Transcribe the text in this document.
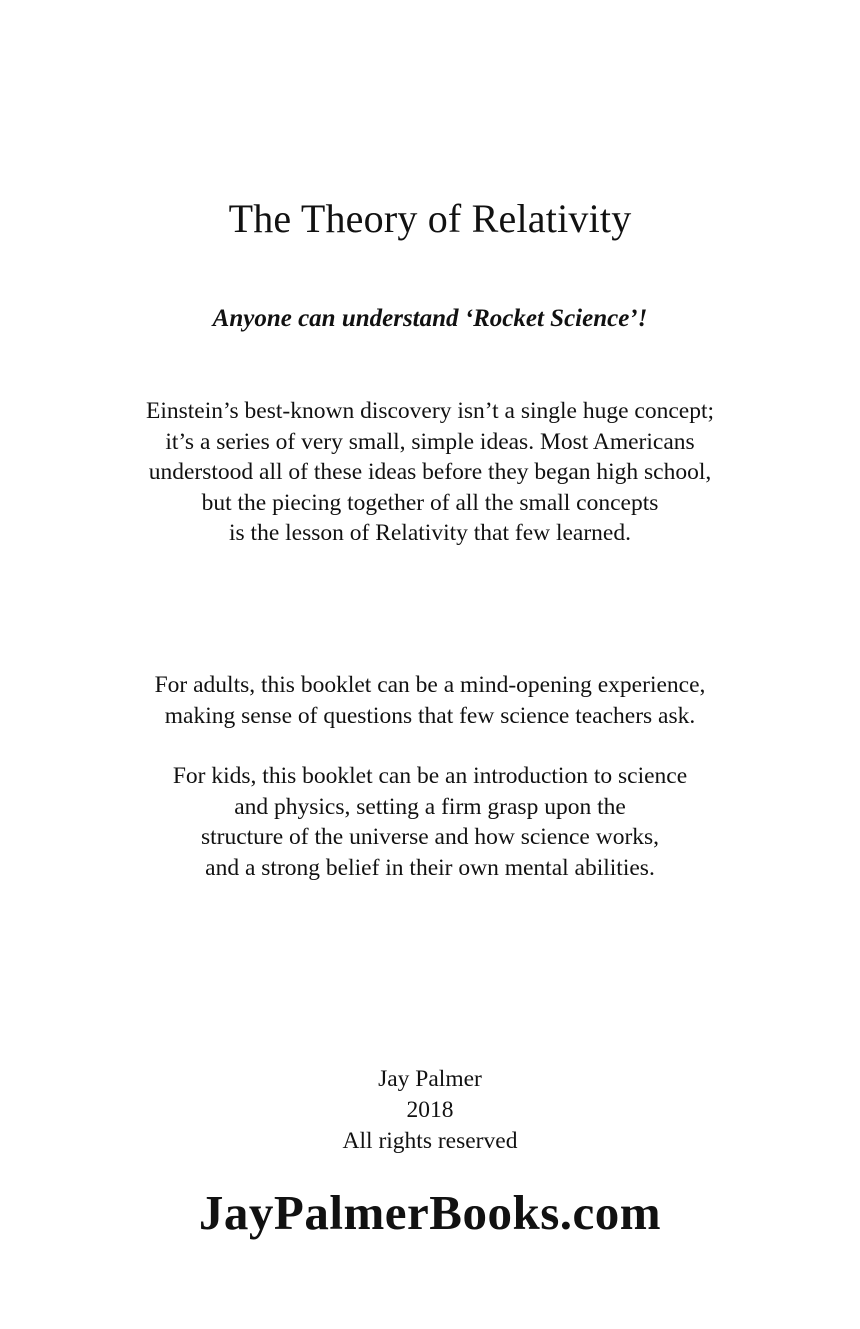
The Theory of Relativity
Anyone can understand ‘Rocket Science’!
Einstein’s best-known discovery isn’t a single huge concept;
it’s a series of very small, simple ideas. Most Americans
understood all of these ideas before they began high school,
but the piecing together of all the small concepts
is the lesson of Relativity that few learned.
For adults, this booklet can be a mind-opening experience,
making sense of questions that few science teachers ask.
For kids, this booklet can be an introduction to science
and physics, setting a firm grasp upon the
structure of the universe and how science works,
and a strong belief in their own mental abilities.
Jay Palmer
2018
All rights reserved
JayPalmerBooks.com
